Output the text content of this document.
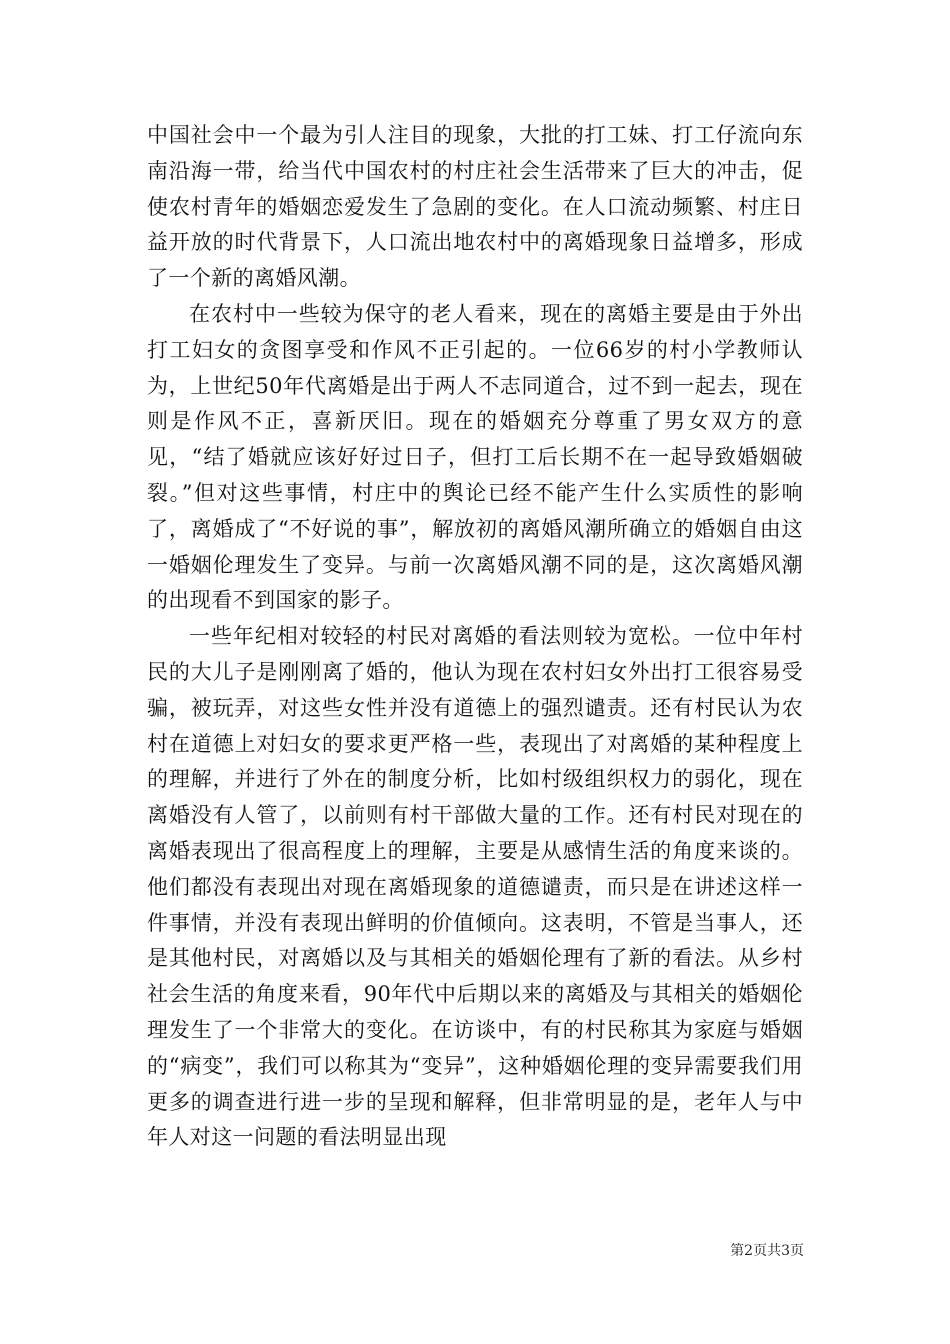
中国社会中一个最为引人注目的现象，大批的打工妹、打工仔流向东南沿海一带，给当代中国农村的村庄社会生活带来了巨大的冲击，促使农村青年的婚姻恋爱发生了急剧的变化。在人口流动频繁、村庄日益开放的时代背景下，人口流出地农村中的离婚现象日益增多，形成了一个新的离婚风潮。

在农村中一些较为保守的老人看来，现在的离婚主要是由于外出打工妇女的贪图享受和作风不正引起的。一位66岁的村小学教师认为，上世纪50年代离婚是出于两人不志同道合，过不到一起去，现在则是作风不正，喜新厌旧。现在的婚姻充分尊重了男女双方的意见，“结了婚就应该好好过日子，但打工后长期不在一起导致婚姻破裂。”但对这些事情，村庄中的舆论已经不能产生什么实质性的影响了，离婚成了“不好说的事”，解放初的离婚风潮所确立的婚姻自由这一婚姻伦理发生了变异。与前一次离婚风潮不同的是，这次离婚风潮的出现看不到国家的影子。

一些年纪相对较轻的村民对离婚的看法则较为宽松。一位中年村民的大儿子是刚刚离了婚的，他认为现在农村妇女外出打工很容易受骗，被玩弄，对这些女性并没有道德上的强烈谴责。还有村民认为农村在道德上对妇女的要求更严格一些，表现出了对离婚的某种程度上的理解，并进行了外在的制度分析，比如村级组织权力的弱化，现在离婚没有人管了，以前则有村干部做大量的工作。还有村民对现在的离婚表现出了很高程度上的理解，主要是从感情生活的角度来谈的。他们都没有表现出对现在离婚现象的道德谴责，而只是在讲述这样一件事情，并没有表现出鲜明的价值倾向。这表明，不管是当事人，还是其他村民，对离婚以及与其相关的婚姻伦理有了新的看法。从乡村社会生活的角度来看，90年代中后期以来的离婚及与其相关的婚姻伦理发生了一个非常大的变化。在访谈中，有的村民称其为家庭与婚姻的“病变”，我们可以称其为“变异”，这种婚姻伦理的变异需要我们用更多的调查进行进一步的呈现和解释，但非常明显的是，老年人与中年人对这一问题的看法明显出现

第2页共3页
